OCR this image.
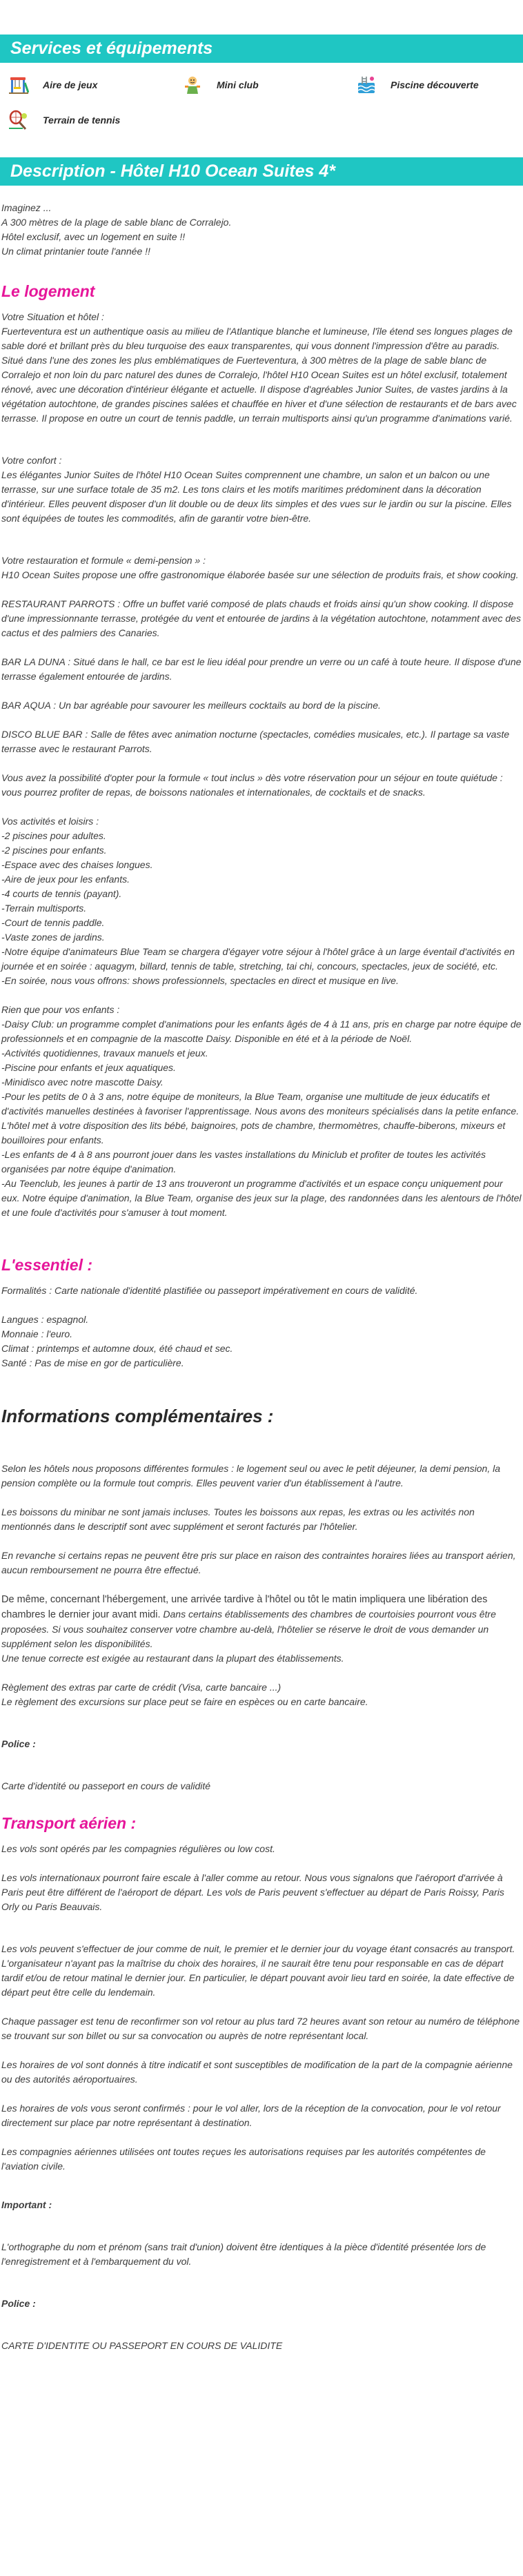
Services et équipements
Aire de jeux	Mini club	Piscine découverte
Terrain de tennis
Description - Hôtel H10 Ocean Suites 4*

Imaginez ...

A 300 mètres de la plage de sable blanc de Corralejo.

Hôtel exclusif, avec un logement en suite !!

Un climat printanier toute l'année !!

Le logement

Votre Situation et hôtel :

Fuerteventura est un authentique oasis au milieu de l'Atlantique blanche et lumineuse, l'île étend ses longues plages de sable doré et brillant près du bleu turquoise des eaux transparentes, qui vous donnent l'impression d'être au paradis. Situé dans l'une des zones les plus emblématiques de Fuerteventura, à 300 mètres de la plage de sable blanc de Corralejo et non loin du parc naturel des dunes de Corralejo, l'hôtel H10 Ocean Suites est un hôtel exclusif, totalement rénové, avec une décoration d'intérieur élégante et actuelle. Il dispose d'agréables Junior Suites, de vastes jardins à la végétation autochtone, de grandes piscines salées et chauffée en hiver et d'une sélection de restaurants et de bars avec terrasse. Il propose en outre un court de tennis paddle, un terrain multisports ainsi qu'un programme d'animations varié.

Votre confort :

Les élégantes Junior Suites de l'hôtel H10 Ocean Suites comprennent une chambre, un salon et un balcon ou une terrasse, sur une surface totale de 35 m2. Les tons clairs et les motifs maritimes prédominent dans la décoration d'intérieur. Elles peuvent disposer d'un lit double ou de deux lits simples et des vues sur le jardin ou sur la piscine. Elles sont équipées de toutes les commodités, afin de garantir votre bien-être.

Votre restauration et formule « demi-pension » :

H10 Ocean Suites propose une offre gastronomique élaborée basée sur une sélection de produits frais, et show cooking.

RESTAURANT PARROTS : Offre un buffet varié composé de plats chauds et froids ainsi qu'un show cooking. Il dispose d'une impressionnante terrasse, protégée du vent et entourée de jardins à la végétation autochtone, notamment avec des cactus et des palmiers des Canaries.

BAR LA DUNA : Situé dans le hall, ce bar est le lieu idéal pour prendre un verre ou un café à toute heure. Il dispose d'une terrasse également entourée de jardins.

BAR AQUA : Un bar agréable pour savourer les meilleurs cocktails au bord de la piscine.

DISCO BLUE BAR : Salle de fêtes avec animation nocturne (spectacles, comédies musicales, etc.). Il partage sa vaste terrasse avec le restaurant Parrots.

Vous avez la possibilité d'opter pour la formule « tout inclus » dès votre réservation pour un séjour en toute quiétude : vous pourrez profiter de repas, de boissons nationales et internationales, de cocktails et de snacks.

Vos activités et loisirs :

-2 piscines pour adultes.

-2 piscines pour enfants.

-Espace avec des chaises longues.

-Aire de jeux pour les enfants.

-4 courts de tennis (payant).

-Terrain multisports.

-Court de tennis paddle.

-Vaste zones de jardins.

-Notre équipe d'animateurs Blue Team se chargera d'égayer votre séjour à l'hôtel grâce à un large éventail d'activités en journée et en soirée : aquagym, billard, tennis de table, stretching, tai chi, concours, spectacles, jeux de société, etc.

-En soirée, nous vous offrons: shows professionnels, spectacles en direct et musique en live.

Rien que pour vos enfants :

-Daisy Club: un programme complet d'animations pour les enfants âgés de 4 à 11 ans, pris en charge par notre équipe de professionnels et en compagnie de la mascotte Daisy. Disponible en été et à la période de Noël.

-Activités quotidiennes, travaux manuels et jeux.

-Piscine pour enfants et jeux aquatiques.

-Minidisco avec notre mascotte Daisy.

-Pour les petits de 0 à 3 ans, notre équipe de moniteurs, la Blue Team, organise une multitude de jeux éducatifs et d'activités manuelles destinées à favoriser l'apprentissage. Nous avons des moniteurs spécialisés dans la petite enfance. L'hôtel met à votre disposition des lits bébé, baignoires, pots de chambre, thermomètres, chauffe-biberons, mixeurs et bouilloires pour enfants.

-Les enfants de 4 à 8 ans pourront jouer dans les vastes installations du Miniclub et profiter de toutes les activités organisées par notre équipe d'animation.

-Au Teenclub, les jeunes à partir de 13 ans trouveront un programme d'activités et un espace conçu uniquement pour eux. Notre équipe d'animation, la Blue Team, organise des jeux sur la plage, des randonnées dans les alentours de l'hôtel et une foule d'activités pour s'amuser à tout moment.

L'essentiel :

Formalités : Carte nationale d'identité plastifiée ou passeport impérativement en cours de validité.

Langues : espagnol.

Monnaie : l'euro.

Climat : printemps et automne doux, été chaud et sec.

Santé : Pas de mise en gor de particulière.

Informations complémentaires :

Selon les hôtels nous proposons différentes formules : le logement seul ou avec le petit déjeuner, la demi pension, la pension complète ou la formule tout compris. Elles peuvent varier d'un établissement à l'autre.

Les boissons du minibar ne sont jamais incluses. Toutes les boissons aux repas, les extras ou les activités non mentionnés dans le descriptif sont avec supplément et seront facturés par l'hôtelier.

En revanche si certains repas ne peuvent être pris sur place en raison des contraintes horaires liées au transport aérien, aucun remboursement ne pourra être effectué.

De même, concernant l'hébergement, une arrivée tardive à l'hôtel ou tôt le matin impliquera une libération des chambres le dernier jour avant midi. Dans certains établissements des chambres de courtoisies pourront vous être proposées. Si vous souhaitez conserver votre chambre au-delà, l'hôtelier se réserve le droit de vous demander un supplément selon les disponibilités.

Une tenue correcte est exigée au restaurant dans la plupart des établissements.

Règlement des extras par carte de crédit (Visa, carte bancaire ...)

Le règlement des excursions sur place peut se faire en espèces ou en carte bancaire.

Police :

Carte d'identité ou passeport en cours de validité

Transport aérien :

Les vols sont opérés par les compagnies régulières ou low cost.

Les vols internationaux pourront faire escale à l'aller comme au retour. Nous vous signalons que l'aéroport d'arrivée à Paris peut être différent de l'aéroport de départ. Les vols de Paris peuvent s'effectuer au départ de Paris Roissy, Paris Orly ou Paris Beauvais.

Les vols peuvent s'effectuer de jour comme de nuit, le premier et le dernier jour du voyage étant consacrés au transport. L'organisateur n'ayant pas la maîtrise du choix des horaires, il ne saurait être tenu pour responsable en cas de départ tardif et/ou de retour matinal le dernier jour. En particulier, le départ pouvant avoir lieu tard en soirée, la date effective de départ peut être celle du lendemain.

Chaque passager est tenu de reconfirmer son vol retour au plus tard 72 heures avant son retour au numéro de téléphone se trouvant sur son billet ou sur sa convocation ou auprès de notre représentant local.

Les horaires de vol sont donnés à titre indicatif et sont susceptibles de modification de la part de la compagnie aérienne ou des autorités aéroportuaires.

Les horaires de vols vous seront confirmés : pour le vol aller, lors de la réception de la convocation, pour le vol retour directement sur place par notre représentant à destination.

Les compagnies aériennes utilisées ont toutes reçues les autorisations requises par les autorités compétentes de l'aviation civile.

Important :

L'orthographe du nom et prénom (sans trait d'union) doivent être identiques à la pièce d'identité présentée lors de l'enregistrement et à l'embarquement du vol.

Police :

CARTE D'IDENTITE OU PASSEPORT EN COURS DE VALIDITE
